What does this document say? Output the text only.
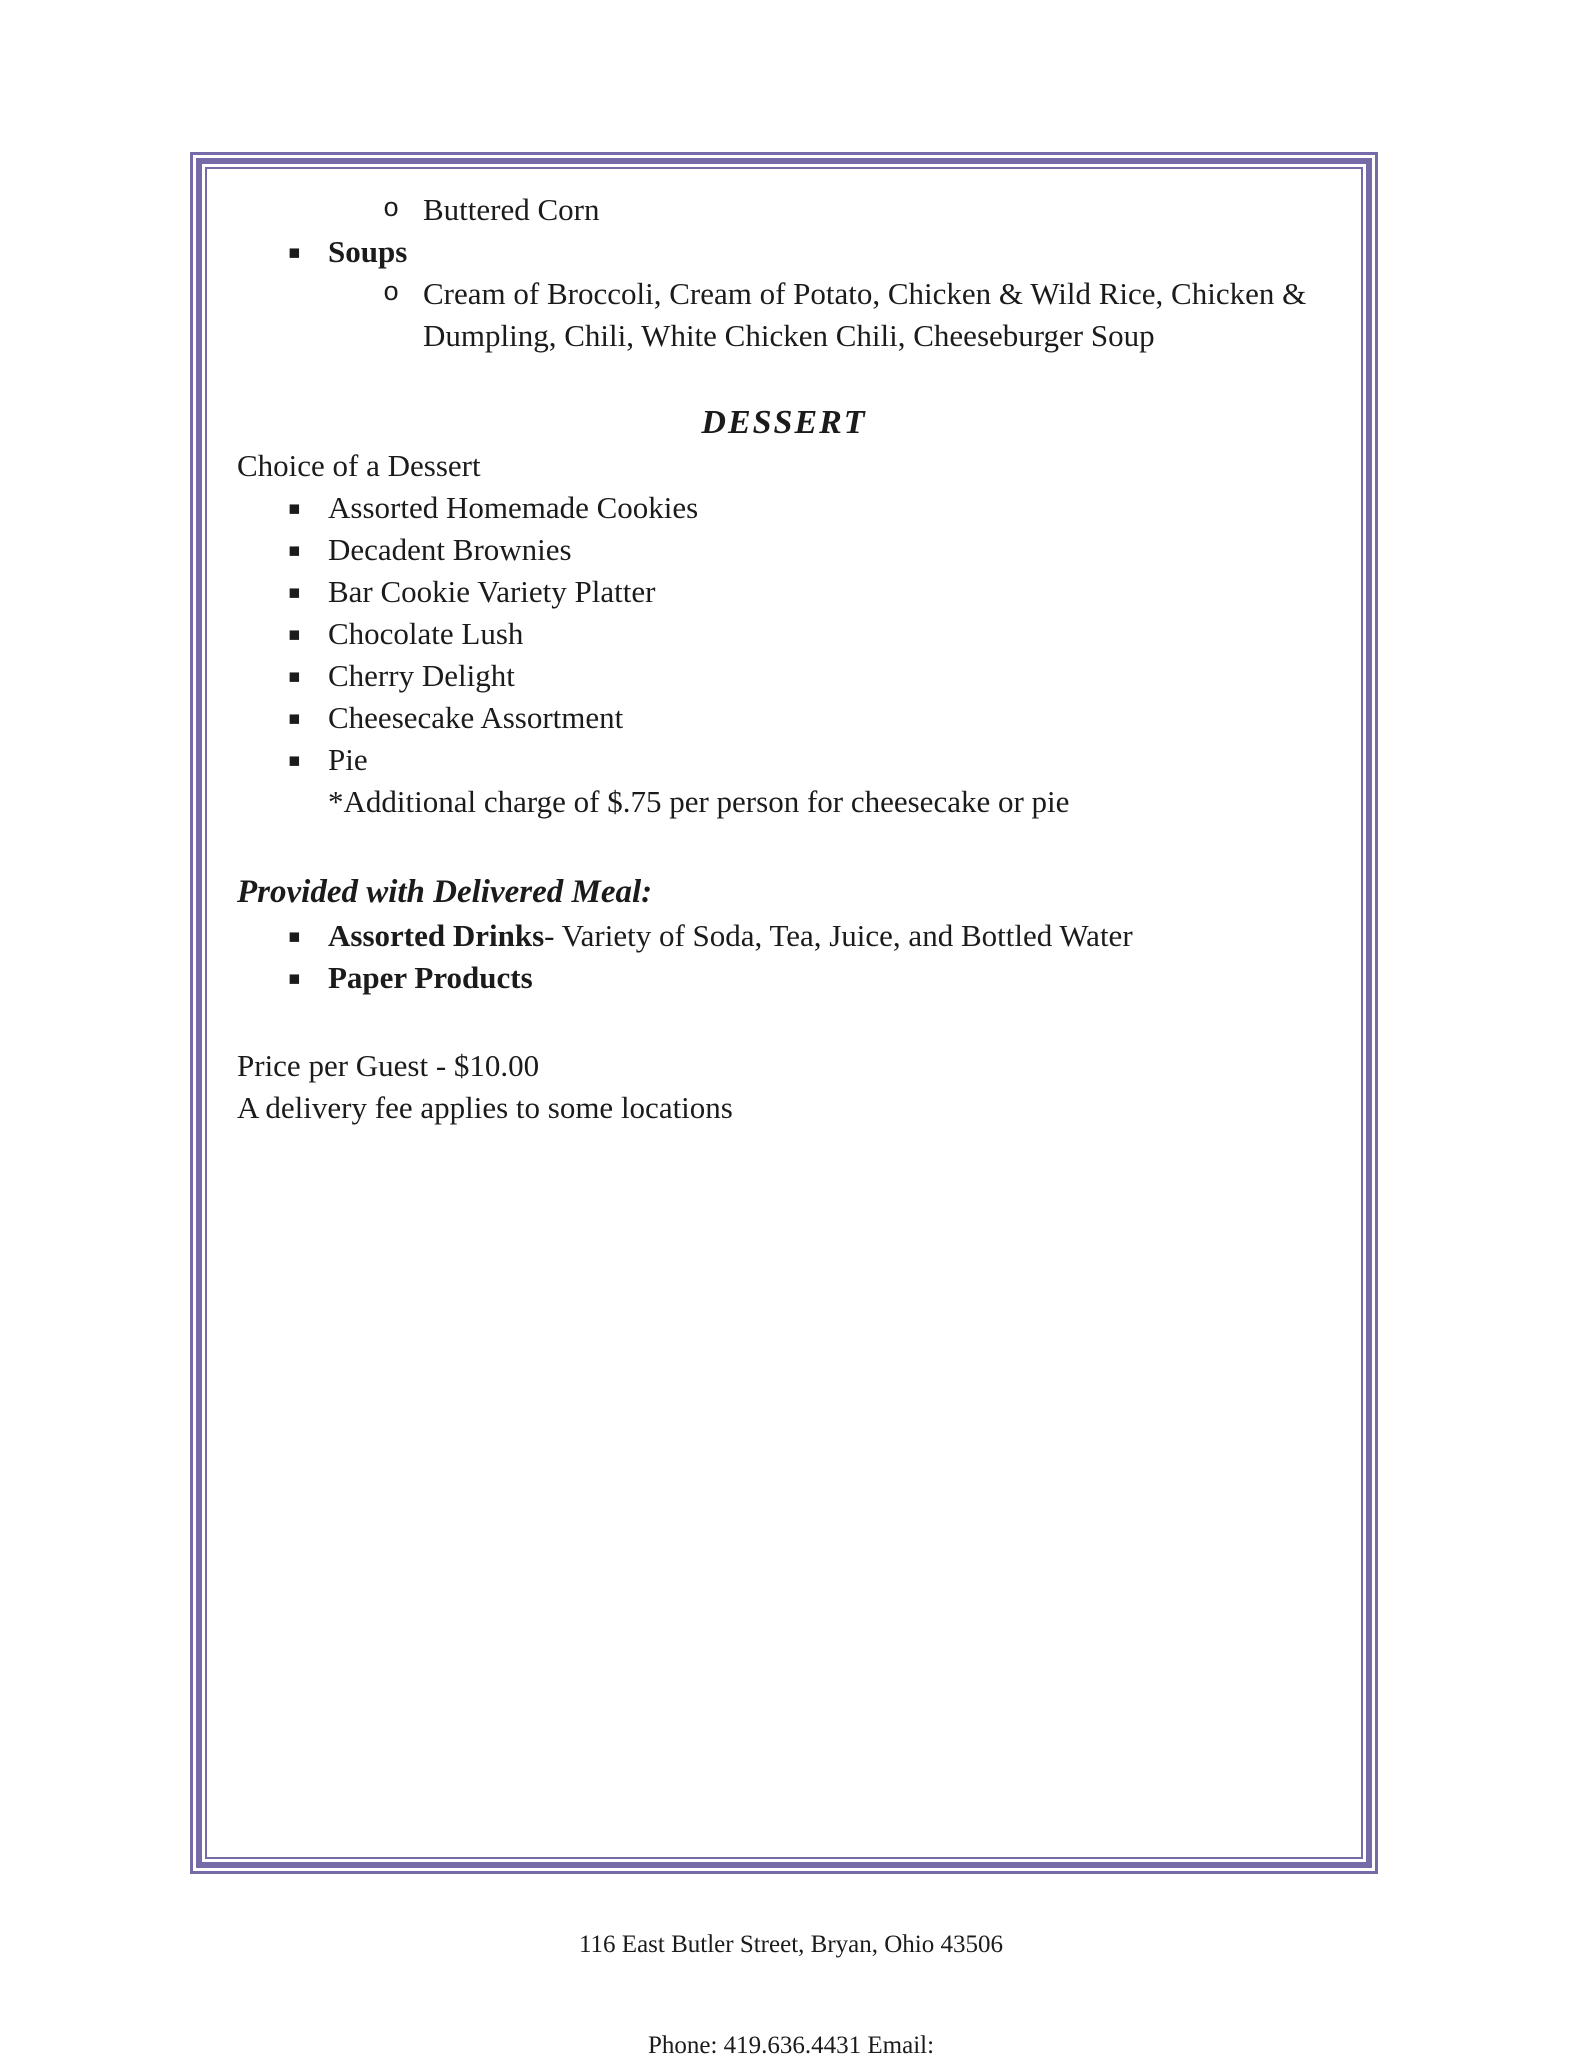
o Buttered Corn
▪ Soups
o Cream of Broccoli, Cream of Potato, Chicken & Wild Rice, Chicken & Dumpling, Chili, White Chicken Chili, Cheeseburger Soup
DESSERT

Choice of a Dessert

▪ Assorted Homemade Cookies
▪ Decadent Brownies
▪ Bar Cookie Variety Platter
▪ Chocolate Lush
▪ Cherry Delight
▪ Cheesecake Assortment
▪ Pie
*Additional charge of $.75 per person for cheesecake or pie
Provided with Delivered Meal:
▪ Assorted Drinks- Variety of Soda, Tea, Juice, and Bottled Water
▪ Paper Products

Price per Guest - $10.00

A delivery fee applies to some locations

116 East Butler Street, Bryan, Ohio 43506
Phone: 419.636.4431 Email:
